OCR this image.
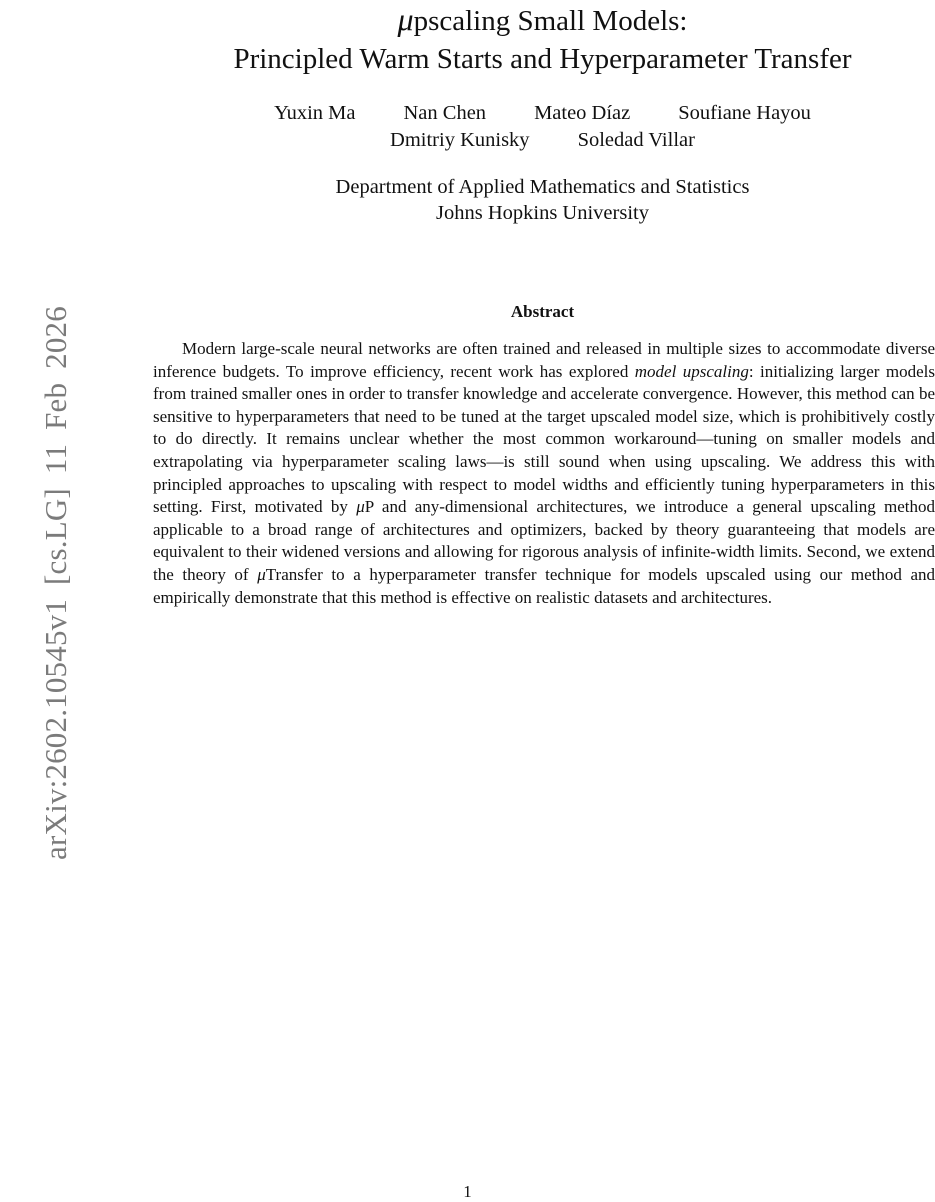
arXiv:2602.10545v1 [cs.LG] 11 Feb 2026
μpscaling Small Models:
Principled Warm Starts and Hyperparameter Transfer
Yuxin Ma Nan Chen Mateo Díaz Soufiane Hayou
Dmitriy Kunisky Soledad Villar
Department of Applied Mathematics and Statistics
Johns Hopkins University
Abstract

Modern large-scale neural networks are often trained and released in multiple sizes to accommodate diverse inference budgets. To improve efficiency, recent work has explored model upscaling: initializing larger models from trained smaller ones in order to transfer knowledge and accelerate convergence. However, this method can be sensitive to hyperparameters that need to be tuned at the target upscaled model size, which is prohibitively costly to do directly. It remains unclear whether the most common workaround—tuning on smaller models and extrapolating via hyperparameter scaling laws—is still sound when using upscaling. We address this with principled approaches to upscaling with respect to model widths and efficiently tuning hyperparameters in this setting. First, motivated by μP and any-dimensional architectures, we introduce a general upscaling method applicable to a broad range of architectures and optimizers, backed by theory guaranteeing that models are equivalent to their widened versions and allowing for rigorous analysis of infinite-width limits. Second, we extend the theory of μTransfer to a hyperparameter transfer technique for models upscaled using our method and empirically demonstrate that this method is effective on realistic datasets and architectures.

1
